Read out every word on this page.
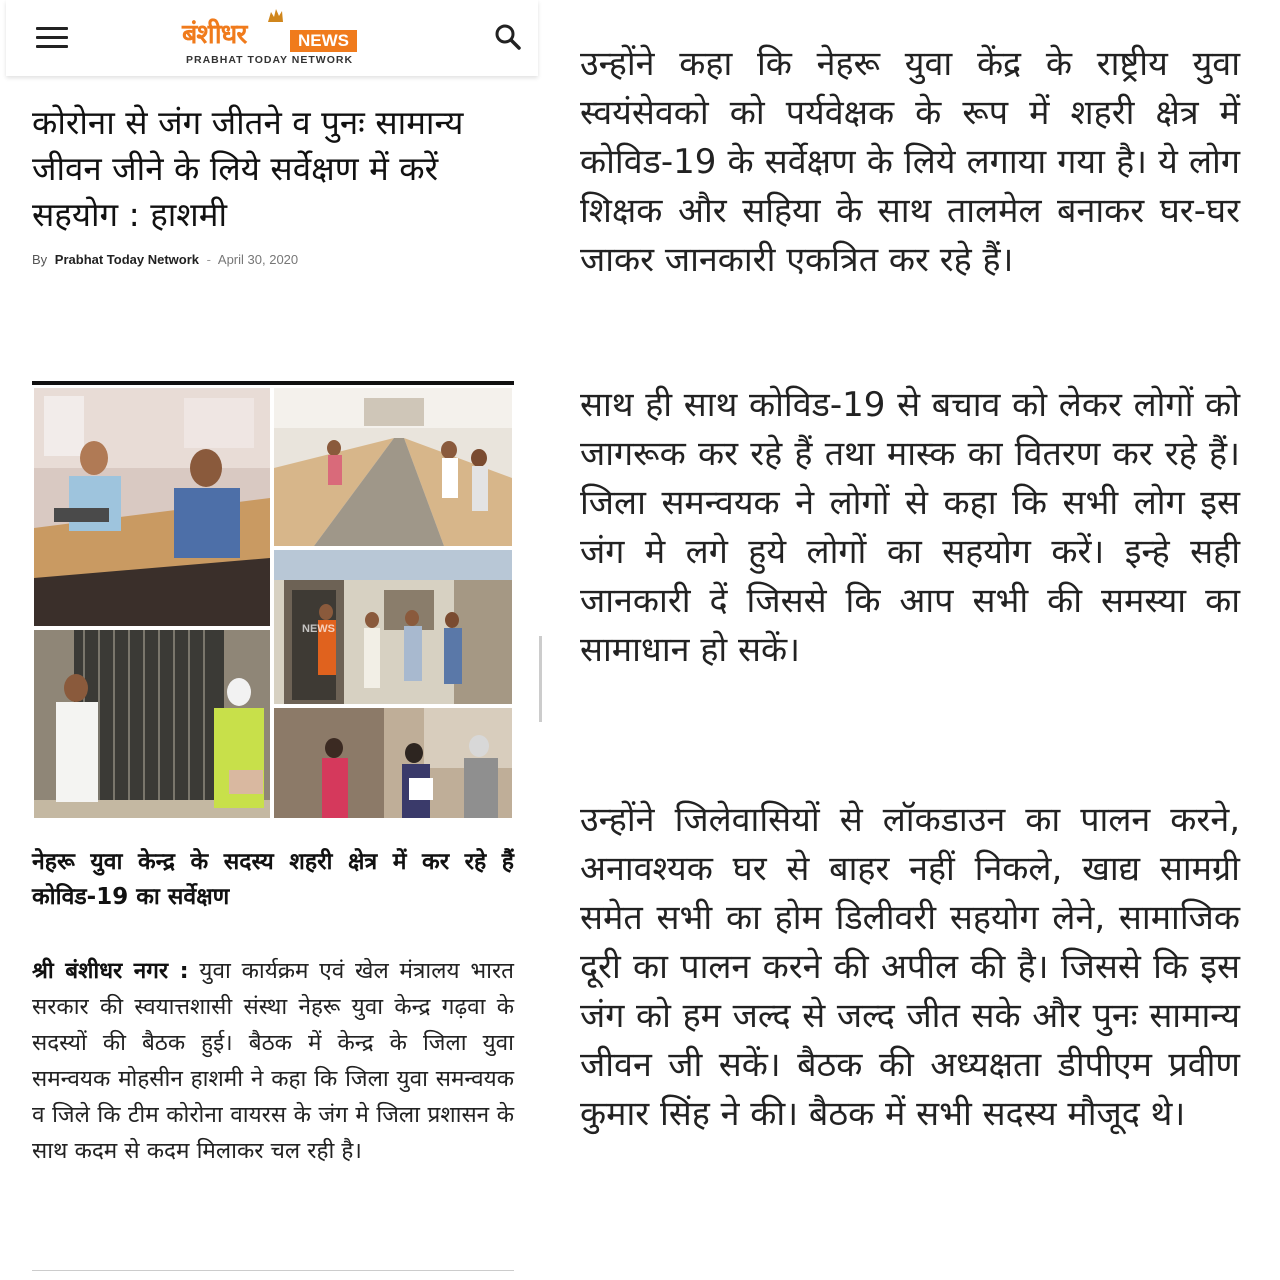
बंशीधर	NEWS
PRABHAT TODAY NETWORK
कोरोना से जंग जीतने व पुनः सामान्य जीवन जीने के लिये सर्वेक्षण में करें सहयोग : हाशमी
By Prabhat Today Network - April 30, 2020
NEWS

नेहरू युवा केन्द्र के सदस्य शहरी क्षेत्र में कर रहे हैं कोविड-19 का सर्वेक्षण

श्री बंशीधर नगर : युवा कार्यक्रम एवं खेल मंत्रालय भारत सरकार की स्वयात्तशासी संस्था नेहरू युवा केन्द्र गढ़वा के सदस्यों की बैठक हुई। बैठक में केन्द्र के जिला युवा समन्वयक मोहसीन हाशमी ने कहा कि जिला युवा समन्वयक व जिले कि टीम कोरोना वायरस के जंग मे जिला प्रशासन के साथ कदम से कदम मिलाकर चल रही है।

उन्होंने कहा कि नेहरू युवा केंद्र के राष्ट्रीय युवा स्वयंसेवको को पर्यवेक्षक के रूप में शहरी क्षेत्र में कोविड-19 के सर्वेक्षण के लिये लगाया गया है। ये लोग शिक्षक और सहिया के साथ तालमेल बनाकर घर-घर जाकर जानकारी एकत्रित कर रहे हैं।

साथ ही साथ कोविड-19 से बचाव को लेकर लोगों को जागरूक कर रहे हैं तथा मास्क का वितरण कर रहे हैं। जिला समन्वयक ने लोगों से कहा कि सभी लोग इस जंग मे लगे हुये लोगों का सहयोग करें। इन्हे सही जानकारी दें जिससे कि आप सभी की समस्या का सामाधान हो सकें।

उन्होंने जिलेवासियों से लॉकडाउन का पालन करने, अनावश्यक घर से बाहर नहीं निकले, खाद्य सामग्री समेत सभी का होम डिलीवरी सहयोग लेने, सामाजिक दूरी का पालन करने की अपील की है। जिससे कि इस जंग को हम जल्द से जल्द जीत सके और पुनः सामान्य जीवन जी सकें। बैठक की अध्यक्षता डीपीएम प्रवीण कुमार सिंह ने की। बैठक में सभी सदस्य मौजूद थे।
